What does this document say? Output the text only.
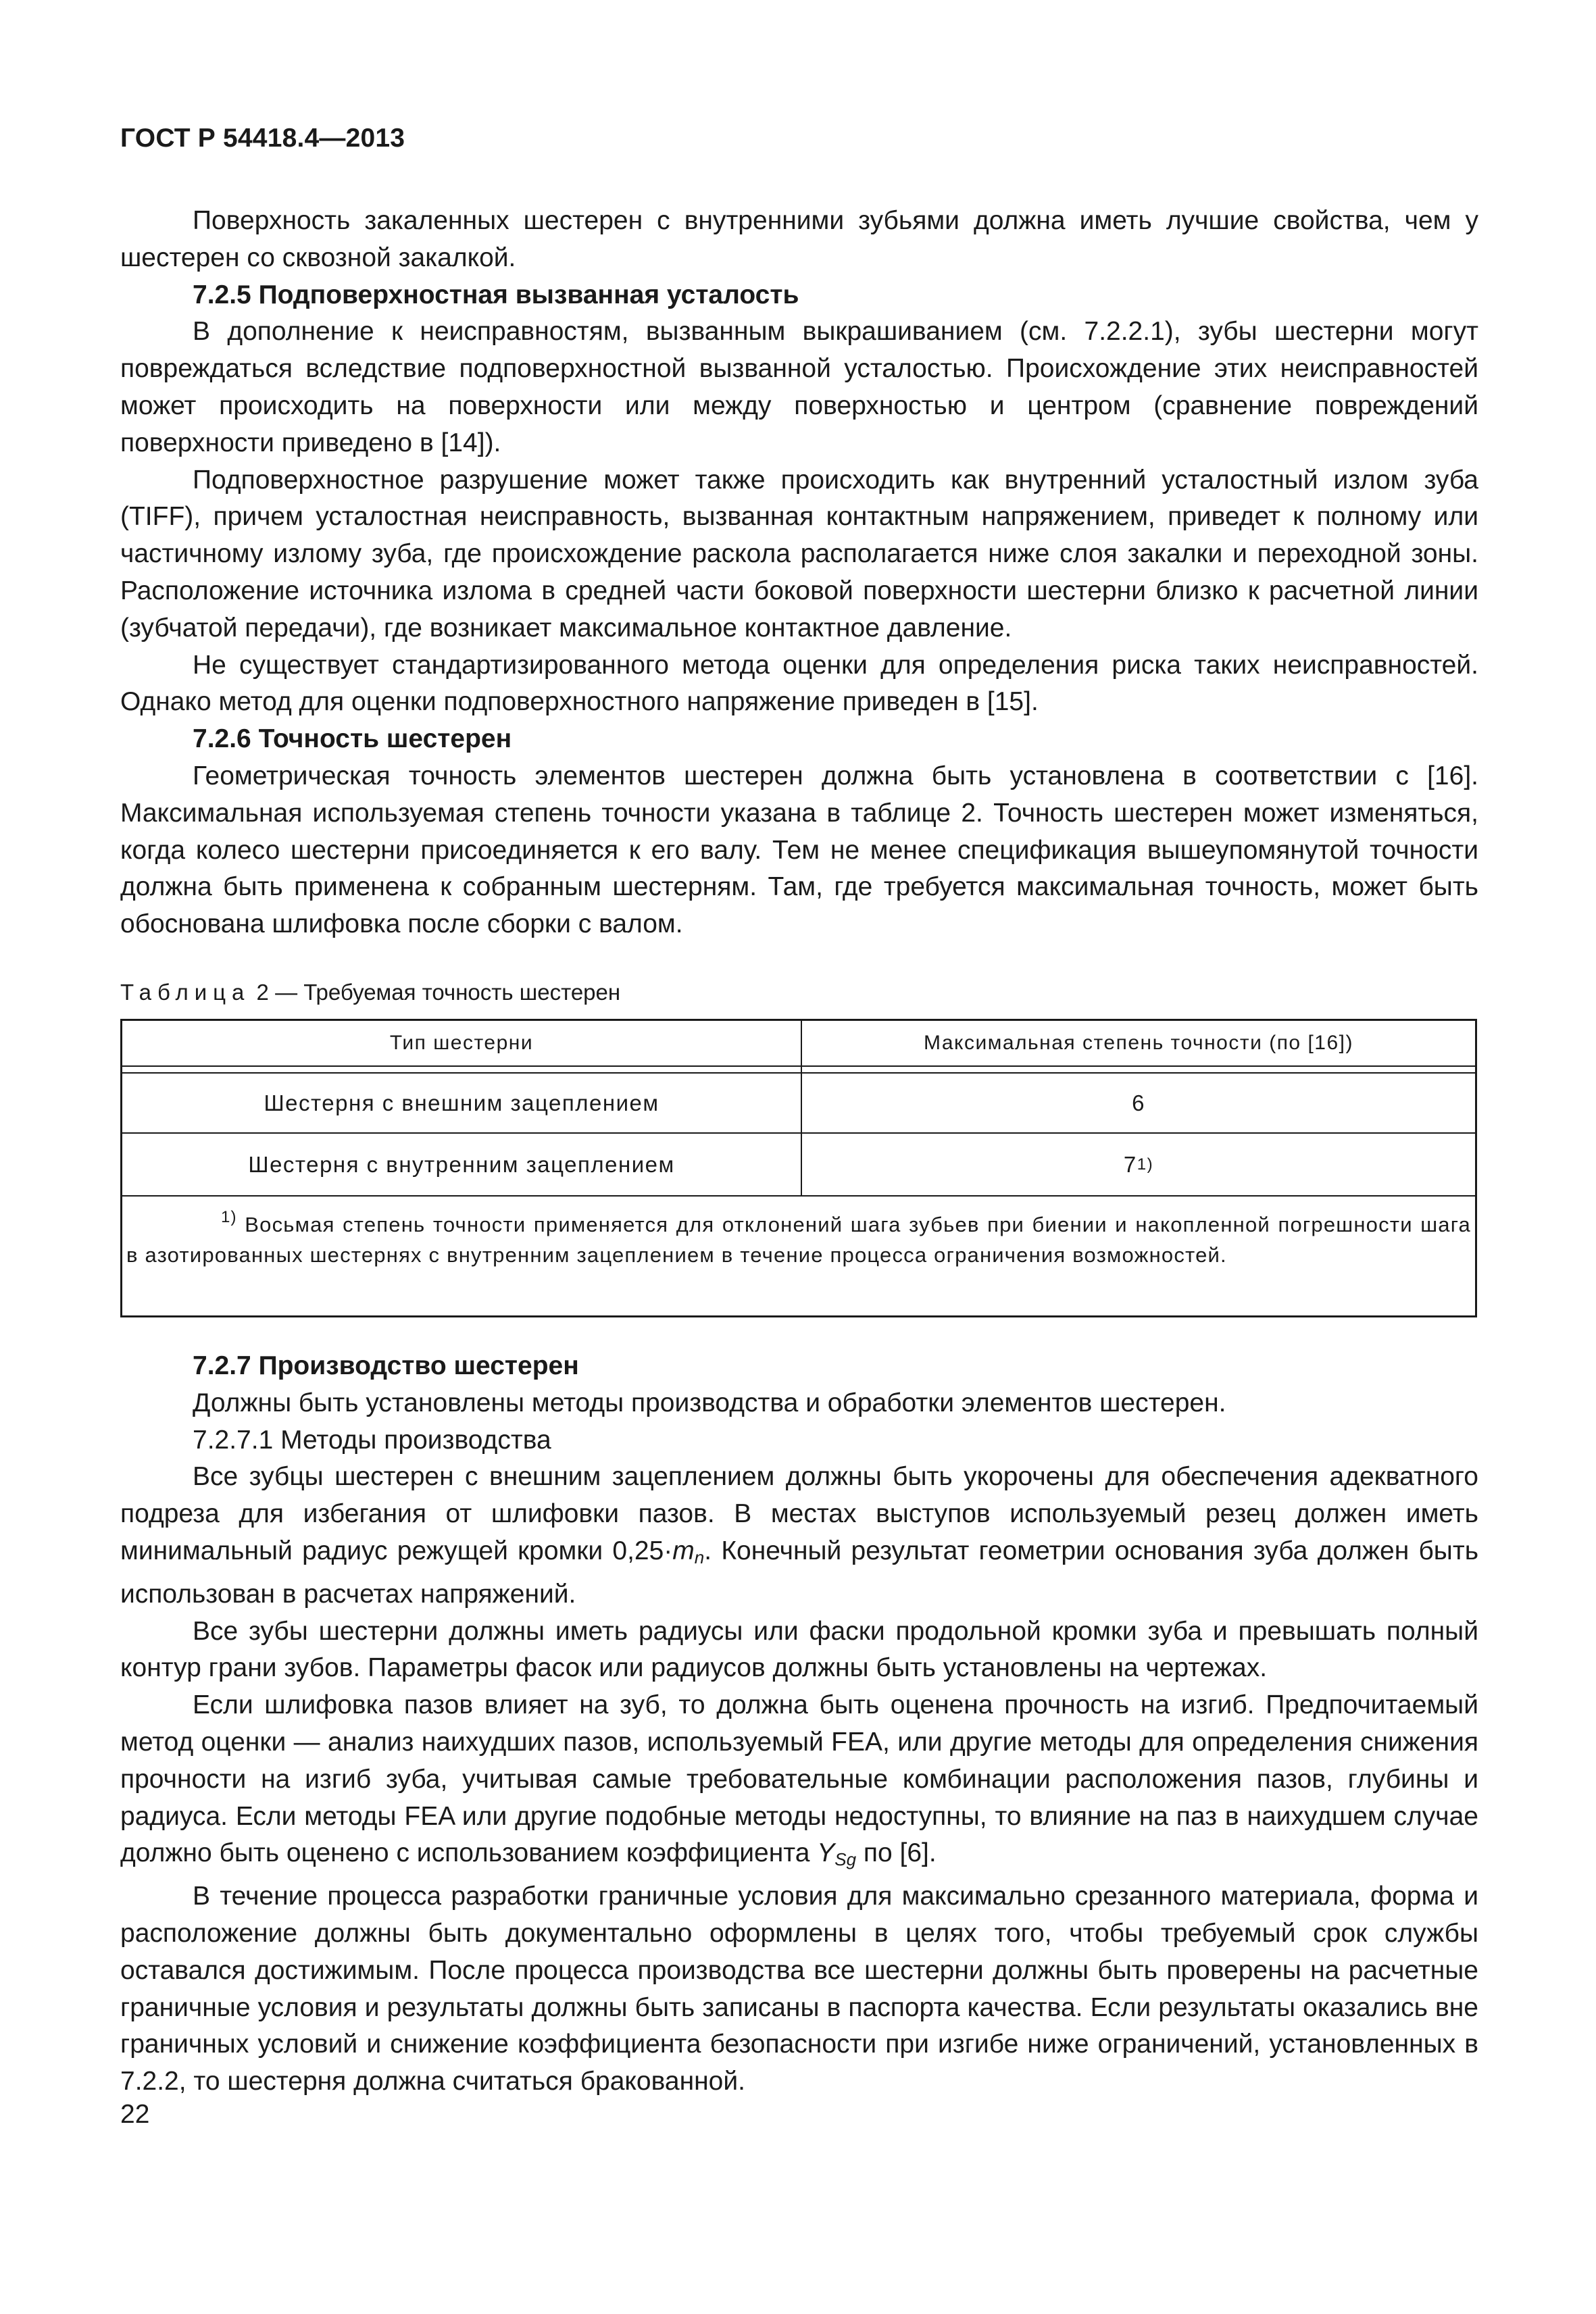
ГОСТ Р 54418.4—2013

Поверхность закаленных шестерен с внутренними зубьями должна иметь лучшие свойства, чем у шестерен со сквозной закалкой.

7.2.5 Подповерхностная вызванная усталость

В дополнение к неисправностям, вызванным выкрашиванием (см. 7.2.2.1), зубы шестерни могут повреждаться вследствие подповерхностной вызванной усталостью. Происхождение этих неисправностей может происходить на поверхности или между поверхностью и центром (сравнение повреждений поверхности приведено в [14]).

Подповерхностное разрушение может также происходить как внутренний усталостный излом зуба (TIFF), причем усталостная неисправность, вызванная контактным напряжением, приведет к полному или частичному излому зуба, где происхождение раскола располагается ниже слоя закалки и переходной зоны. Расположение источника излома в средней части боковой поверхности шестерни близко к расчетной линии (зубчатой передачи), где возникает максимальное контактное давление.

Не существует стандартизированного метода оценки для определения риска таких неисправностей. Однако метод для оценки подповерхностного напряжение приведен в [15].

7.2.6 Точность шестерен

Геометрическая точность элементов шестерен должна быть установлена в соответствии с [16]. Максимальная используемая степень точности указана в таблице 2. Точность шестерен может изменяться, когда колесо шестерни присоединяется к его валу. Тем не менее спецификация вышеупомянутой точности должна быть применена к собранным шестерням. Там, где требуется максимальная точность, может быть обоснована шлифовка после сборки с валом.

Таблица 2 — Требуемая точность шестерен
Тип шестерни	Максимальная степень точности (по [16])
Шестерня с внешним зацеплением	6
Шестерня с внутренним зацеплением	7 1)
$^{1)}$ Восьмая степень точности применяется для отклонений шага зубьев при биении и накопленной погрешности шага в азотированных шестернях с внутренним зацеплением в течение процесса ограничения возможностей.

7.2.7 Производство шестерен

Должны быть установлены методы производства и обработки элементов шестерен.

7.2.7.1 Методы производства

Все зубцы шестерен с внешним зацеплением должны быть укорочены для обеспечения адекватного подреза для избегания от шлифовки пазов. В местах выступов используемый резец должен иметь минимальный радиус режущей кромки $0,25\cdot m_n$. Конечный результат геометрии основания зуба должен быть использован в расчетах напряжений.

Все зубы шестерни должны иметь радиусы или фаски продольной кромки зуба и превышать полный контур грани зубов. Параметры фасок или радиусов должны быть установлены на чертежах.

Если шлифовка пазов влияет на зуб, то должна быть оценена прочность на изгиб. Предпочитаемый метод оценки — анализ наихудших пазов, используемый FEA, или другие методы для определения снижения прочности на изгиб зуба, учитывая самые требовательные комбинации расположения пазов, глубины и радиуса. Если методы FEA или другие подобные методы недоступны, то влияние на паз в наихудшем случае должно быть оценено с использованием коэффициента $Y_{Sg}$ по [6].

В течение процесса разработки граничные условия для максимально срезанного материала, форма и расположение должны быть документально оформлены в целях того, чтобы требуемый срок службы оставался достижимым. После процесса производства все шестерни должны быть проверены на расчетные граничные условия и результаты должны быть записаны в паспорта качества. Если результаты оказались вне граничных условий и снижение коэффициента безопасности при изгибе ниже ограничений, установленных в 7.2.2, то шестерня должна считаться бракованной.

22
